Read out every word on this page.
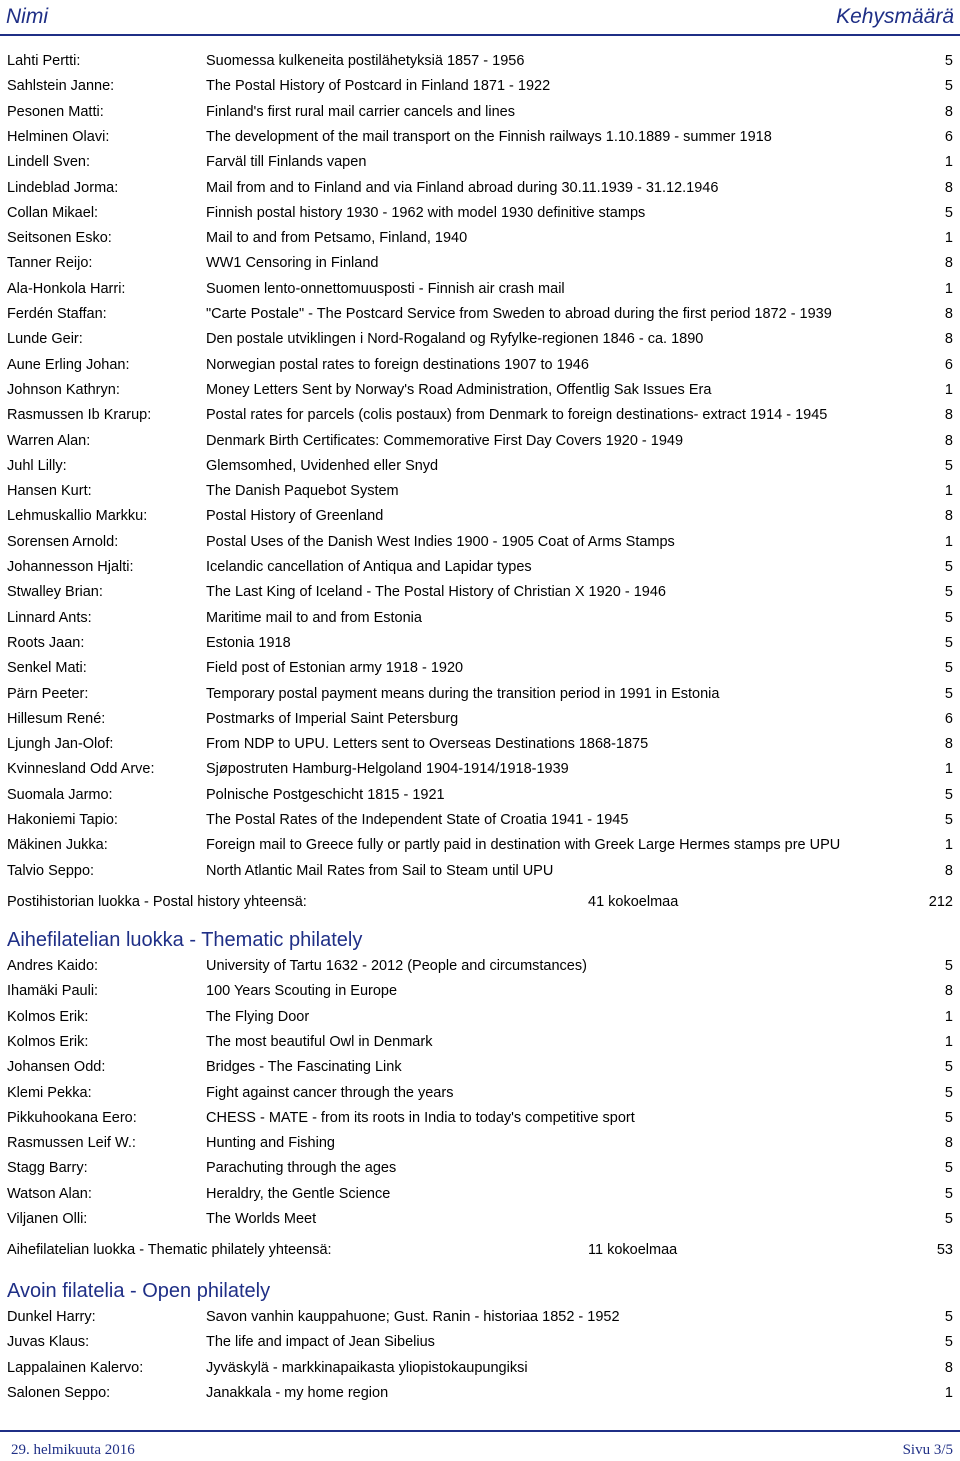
Nimi	Kehysmäärä
Lahti Pertti:	Suomessa kulkeneita postilähetyksiä 1857 - 1956	5
Sahlstein Janne:	The Postal History of Postcard in Finland 1871 - 1922	5
Pesonen Matti:	Finland's first rural mail carrier cancels and lines	8
Helminen Olavi:	The development of the mail transport on the Finnish railways 1.10.1889 - summer 1918	6
Lindell Sven:	Farväl till Finlands vapen	1
Lindeblad Jorma:	Mail from and to Finland and via Finland abroad during 30.11.1939 - 31.12.1946	8
Collan Mikael:	Finnish postal history 1930 - 1962 with model 1930 definitive stamps	5
Seitsonen Esko:	Mail to and from Petsamo, Finland, 1940	1
Tanner Reijo:	WW1 Censoring in Finland	8
Ala-Honkola Harri:	Suomen lento-onnettomuusposti - Finnish air crash mail	1
Ferdén Staffan:	"Carte Postale" - The Postcard Service from Sweden to abroad during the first period 1872 - 1939	8
Lunde Geir:	Den postale utviklingen i Nord-Rogaland og Ryfylke-regionen 1846 - ca. 1890	8
Aune Erling Johan:	Norwegian postal rates to foreign destinations 1907 to 1946	6
Johnson Kathryn:	Money Letters Sent by Norway's Road Administration, Offentlig Sak Issues Era	1
Rasmussen Ib Krarup:	Postal rates for parcels (colis postaux) from Denmark to foreign destinations- extract 1914 - 1945	8
Warren Alan:	Denmark Birth Certificates: Commemorative First Day Covers 1920 - 1949	8
Juhl Lilly:	Glemsomhed, Uvidenhed eller Snyd	5
Hansen Kurt:	The Danish Paquebot System	1
Lehmuskallio Markku:	Postal History of Greenland	8
Sorensen Arnold:	Postal Uses of the Danish West Indies 1900 - 1905 Coat of Arms Stamps	1
Johannesson Hjalti:	Icelandic cancellation of Antiqua and Lapidar types	5
Stwalley Brian:	The Last King of Iceland - The Postal History of Christian X 1920 - 1946	5
Linnard Ants:	Maritime mail to and from Estonia	5
Roots Jaan:	Estonia 1918	5
Senkel Mati:	Field post of Estonian army 1918 - 1920	5
Pärn Peeter:	Temporary postal payment means during the transition period in 1991 in Estonia	5
Hillesum René:	Postmarks of Imperial Saint Petersburg	6
Ljungh Jan-Olof:	From NDP to UPU. Letters sent to Overseas Destinations 1868-1875	8
Kvinnesland Odd Arve:	Sjøpostruten Hamburg-Helgoland 1904-1914/1918-1939	1
Suomala Jarmo:	Polnische Postgeschicht 1815 - 1921	5
Hakoniemi Tapio:	The Postal Rates of the Independent State of Croatia 1941 - 1945	5
Mäkinen Jukka:	Foreign mail to Greece fully or partly paid in destination with Greek Large Hermes stamps pre UPU	1
Talvio Seppo:	North Atlantic Mail Rates from Sail to Steam until UPU	8
Postihistorian luokka - Postal history yhteensä:	41 kokoelmaa	212
Aihefilatelian luokka - Thematic philately
Andres Kaido:	University of Tartu 1632 - 2012 (People and circumstances)	5
Ihamäki Pauli:	100 Years Scouting in Europe	8
Kolmos Erik:	The Flying Door	1
Kolmos Erik:	The most beautiful Owl in Denmark	1
Johansen Odd:	Bridges - The Fascinating Link	5
Klemi Pekka:	Fight against cancer through the years	5
Pikkuhookana Eero:	CHESS - MATE - from its roots in India to today's competitive sport	5
Rasmussen Leif W.:	Hunting and Fishing	8
Stagg Barry:	Parachuting through the ages	5
Watson Alan:	Heraldry, the Gentle Science	5
Viljanen Olli:	The Worlds Meet	5
Aihefilatelian luokka - Thematic philately yhteensä:	11 kokoelmaa	53
Avoin filatelia - Open philately
Dunkel Harry:	Savon vanhin kauppahuone; Gust. Ranin - historiaa 1852 - 1952	5
Juvas Klaus:	The life and impact of Jean Sibelius	5
Lappalainen Kalervo:	Jyväskylä - markkinapaikasta yliopistokaupungiksi	8
Salonen Seppo:	Janakkala - my home region	1
29. helmikuuta 2016	Sivu 3/5
